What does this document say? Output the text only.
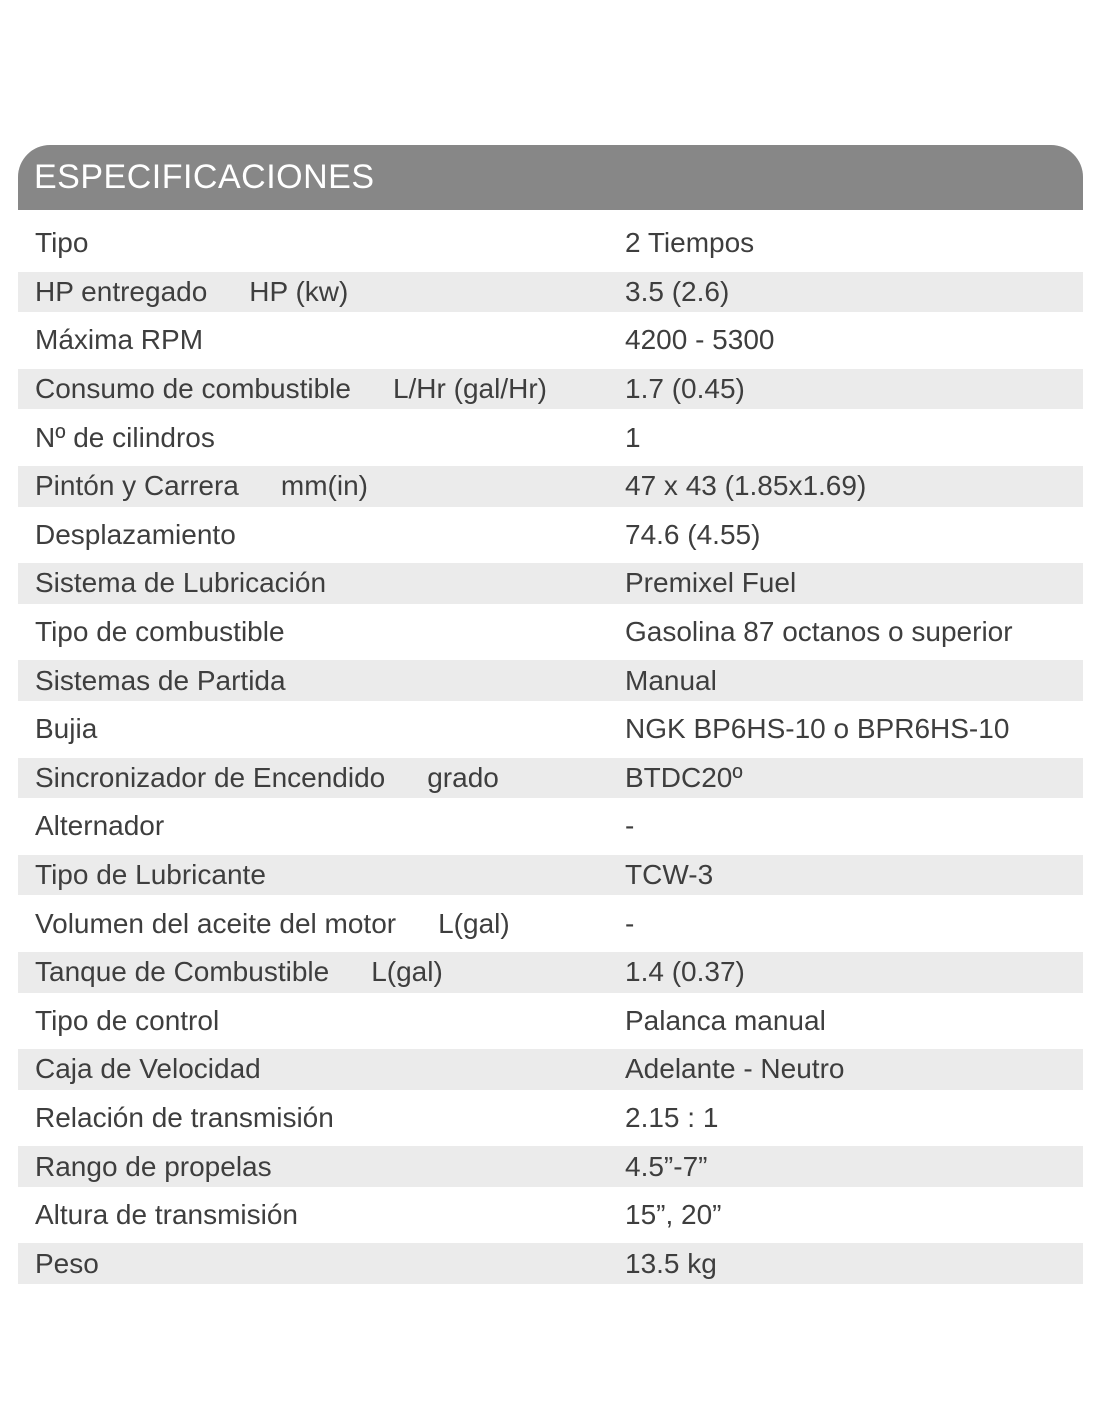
ESPECIFICACIONES
Tipo	2 Tiempos
HP entregado HP (kw)	3.5 (2.6)
Máxima RPM	4200 - 5300
Consumo de combustible L/Hr (gal/Hr)	1.7 (0.45)
Nº de cilindros	1
Pintón y Carrera mm(in)	47 x 43 (1.85x1.69)
Desplazamiento	74.6 (4.55)
Sistema de Lubricación	Premixel Fuel
Tipo de combustible	Gasolina 87 octanos o superior
Sistemas de Partida	Manual
Bujia	NGK BP6HS-10 o BPR6HS-10
Sincronizador de Encendido grado	BTDC20º
Alternador	-
Tipo de Lubricante	TCW-3
Volumen del aceite del motor L(gal)	-
Tanque de Combustible L(gal)	1.4 (0.37)
Tipo de control	Palanca manual
Caja de Velocidad	Adelante - Neutro
Relación de transmisión	2.15 : 1
Rango de propelas	4.5”-7”
Altura de transmisión	15”, 20”
Peso	13.5 kg
